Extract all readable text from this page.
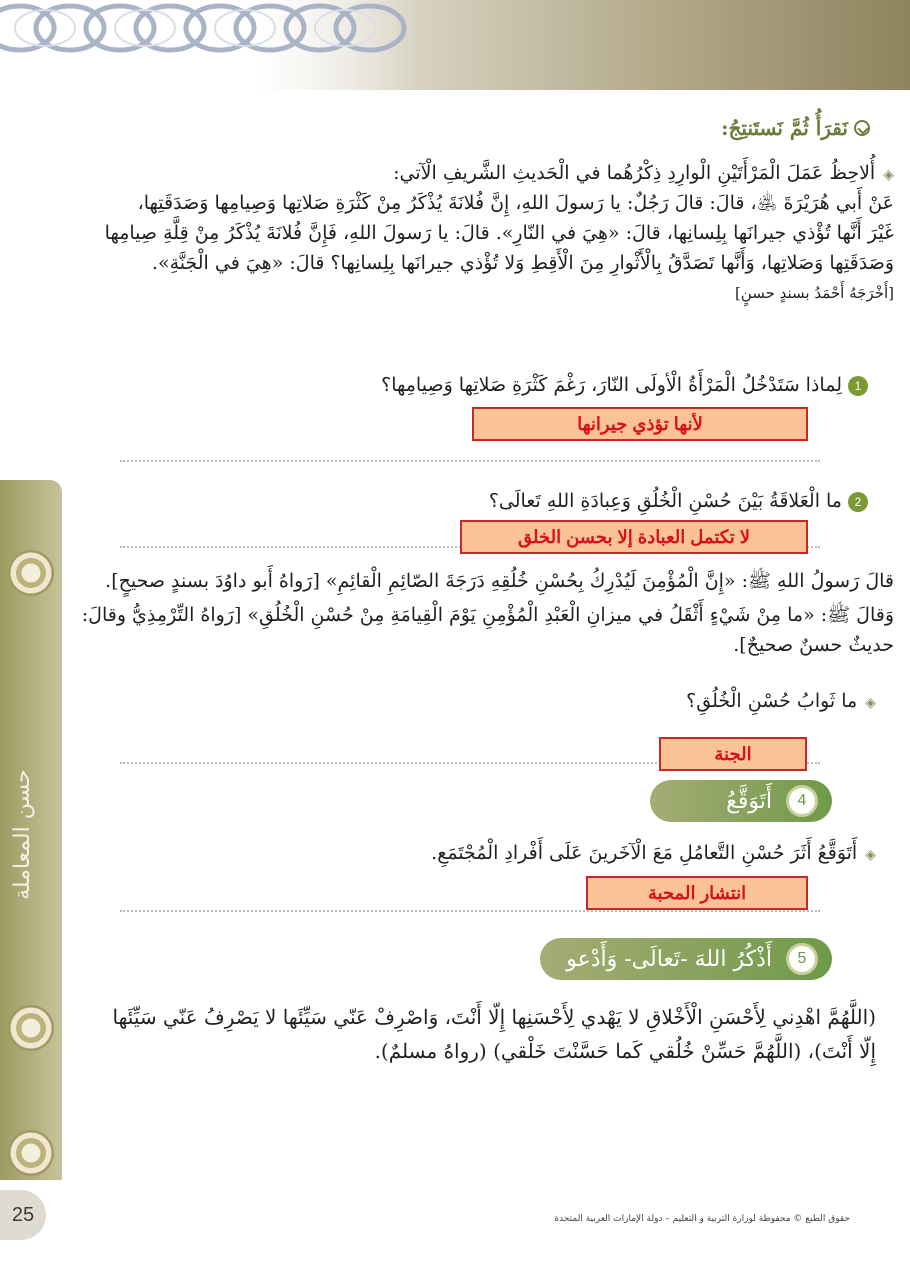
حسن المعاملة
25
نَقرَأُ ثُمَّ نَستَنتِجُ:
◈أُلاحِظُ عَمَلَ الْمَرْأَتَيْنِ الْوارِدِ ذِكْرُهُما في الْحَديثِ الشَّريفِ الْآتي:
عَنْ أَبي هُرَيْرَةَ ﵁، قالَ: قالَ رَجُلٌ: يا رَسولَ اللهِ، إِنَّ فُلانَةَ يُذْكَرُ مِنْ كَثْرَةِ صَلاتِها وَصِيامِها وَصَدَقَتِها،
غَيْرَ أَنَّها تُؤْذي جيرانَها بِلِسانِها، قالَ: «هِيَ في النّارِ». قالَ: يا رَسولَ اللهِ، فَإِنَّ فُلانَةَ يُذْكَرُ مِنْ قِلَّةِ صِيامِها
وَصَدَقَتِها وَصَلاتِها، وَأَنَّها تَصَدَّقُ بِالْأَثْوارِ مِنَ الْأَقِطِ وَلا تُؤْذي جيرانَها بِلِسانِها؟ قالَ: «هِيَ في الْجَنَّةِ».
[أَخْرَجَهُ أَحْمَدُ بسندٍ حسنٍ]
1لِماذا سَتَدْخُلُ الْمَرْأَةُ الْأولَى النّارَ، رَغْمَ كَثْرَةِ صَلاتِها وَصِيامِها؟
لأنها تؤذي جيرانها
2ما الْعَلاقَةُ بَيْنَ حُسْنِ الْخُلُقِ وَعِبادَةِ اللهِ تَعالَى؟
لا تكتمل العبادة إلا بحسن الخلق
قالَ رَسولُ اللهِ ﷺ: «إِنَّ الْمُؤْمِنَ لَيُدْرِكُ بِحُسْنِ خُلُقِهِ دَرَجَةَ الصّائِمِ الْقائِمِ» [رَواهُ أَبو داوُدَ بسندٍ صحيحٍ].
وَقالَ ﷺ: «ما مِنْ شَيْءٍ أَثْقَلُ في ميزانِ الْعَبْدِ الْمُؤْمِنِ يَوْمَ الْقِيامَةِ مِنْ حُسْنِ الْخُلُقِ» [رَواهُ التِّرْمِذِيُّ وقالَ:
حديثٌ حسنٌ صحيحٌ].
◈ما ثَوابُ حُسْنِ الْخُلُقِ؟
الجنة
4
أَتَوَقَّعُ
◈أَتَوَقَّعُ أَثَرَ حُسْنِ التَّعامُلِ مَعَ الْآخَرينَ عَلَى أَفْرادِ الْمُجْتَمَعِ.
انتشار المحبة
5
أَذْكُرُ اللهَ -تَعالَى- وَأَدْعو
(اللَّهُمَّ اهْدِني لِأَحْسَنِ الْأَخْلاقِ لا يَهْدي لِأَحْسَنِها إِلّا أَنْتَ، وَاصْرِفْ عَنّي سَيِّئَها لا يَصْرِفُ عَنّي سَيِّئَها
إِلّا أَنْتَ)، (اللَّهُمَّ حَسِّنْ خُلُقي كَما حَسَّنْتَ خَلْقي) (رواهُ مسلمٌ).
حقوق الطبع © محفوظة لوزارة التربية و التعليم – دولة الإمارات العربية المتحدة
